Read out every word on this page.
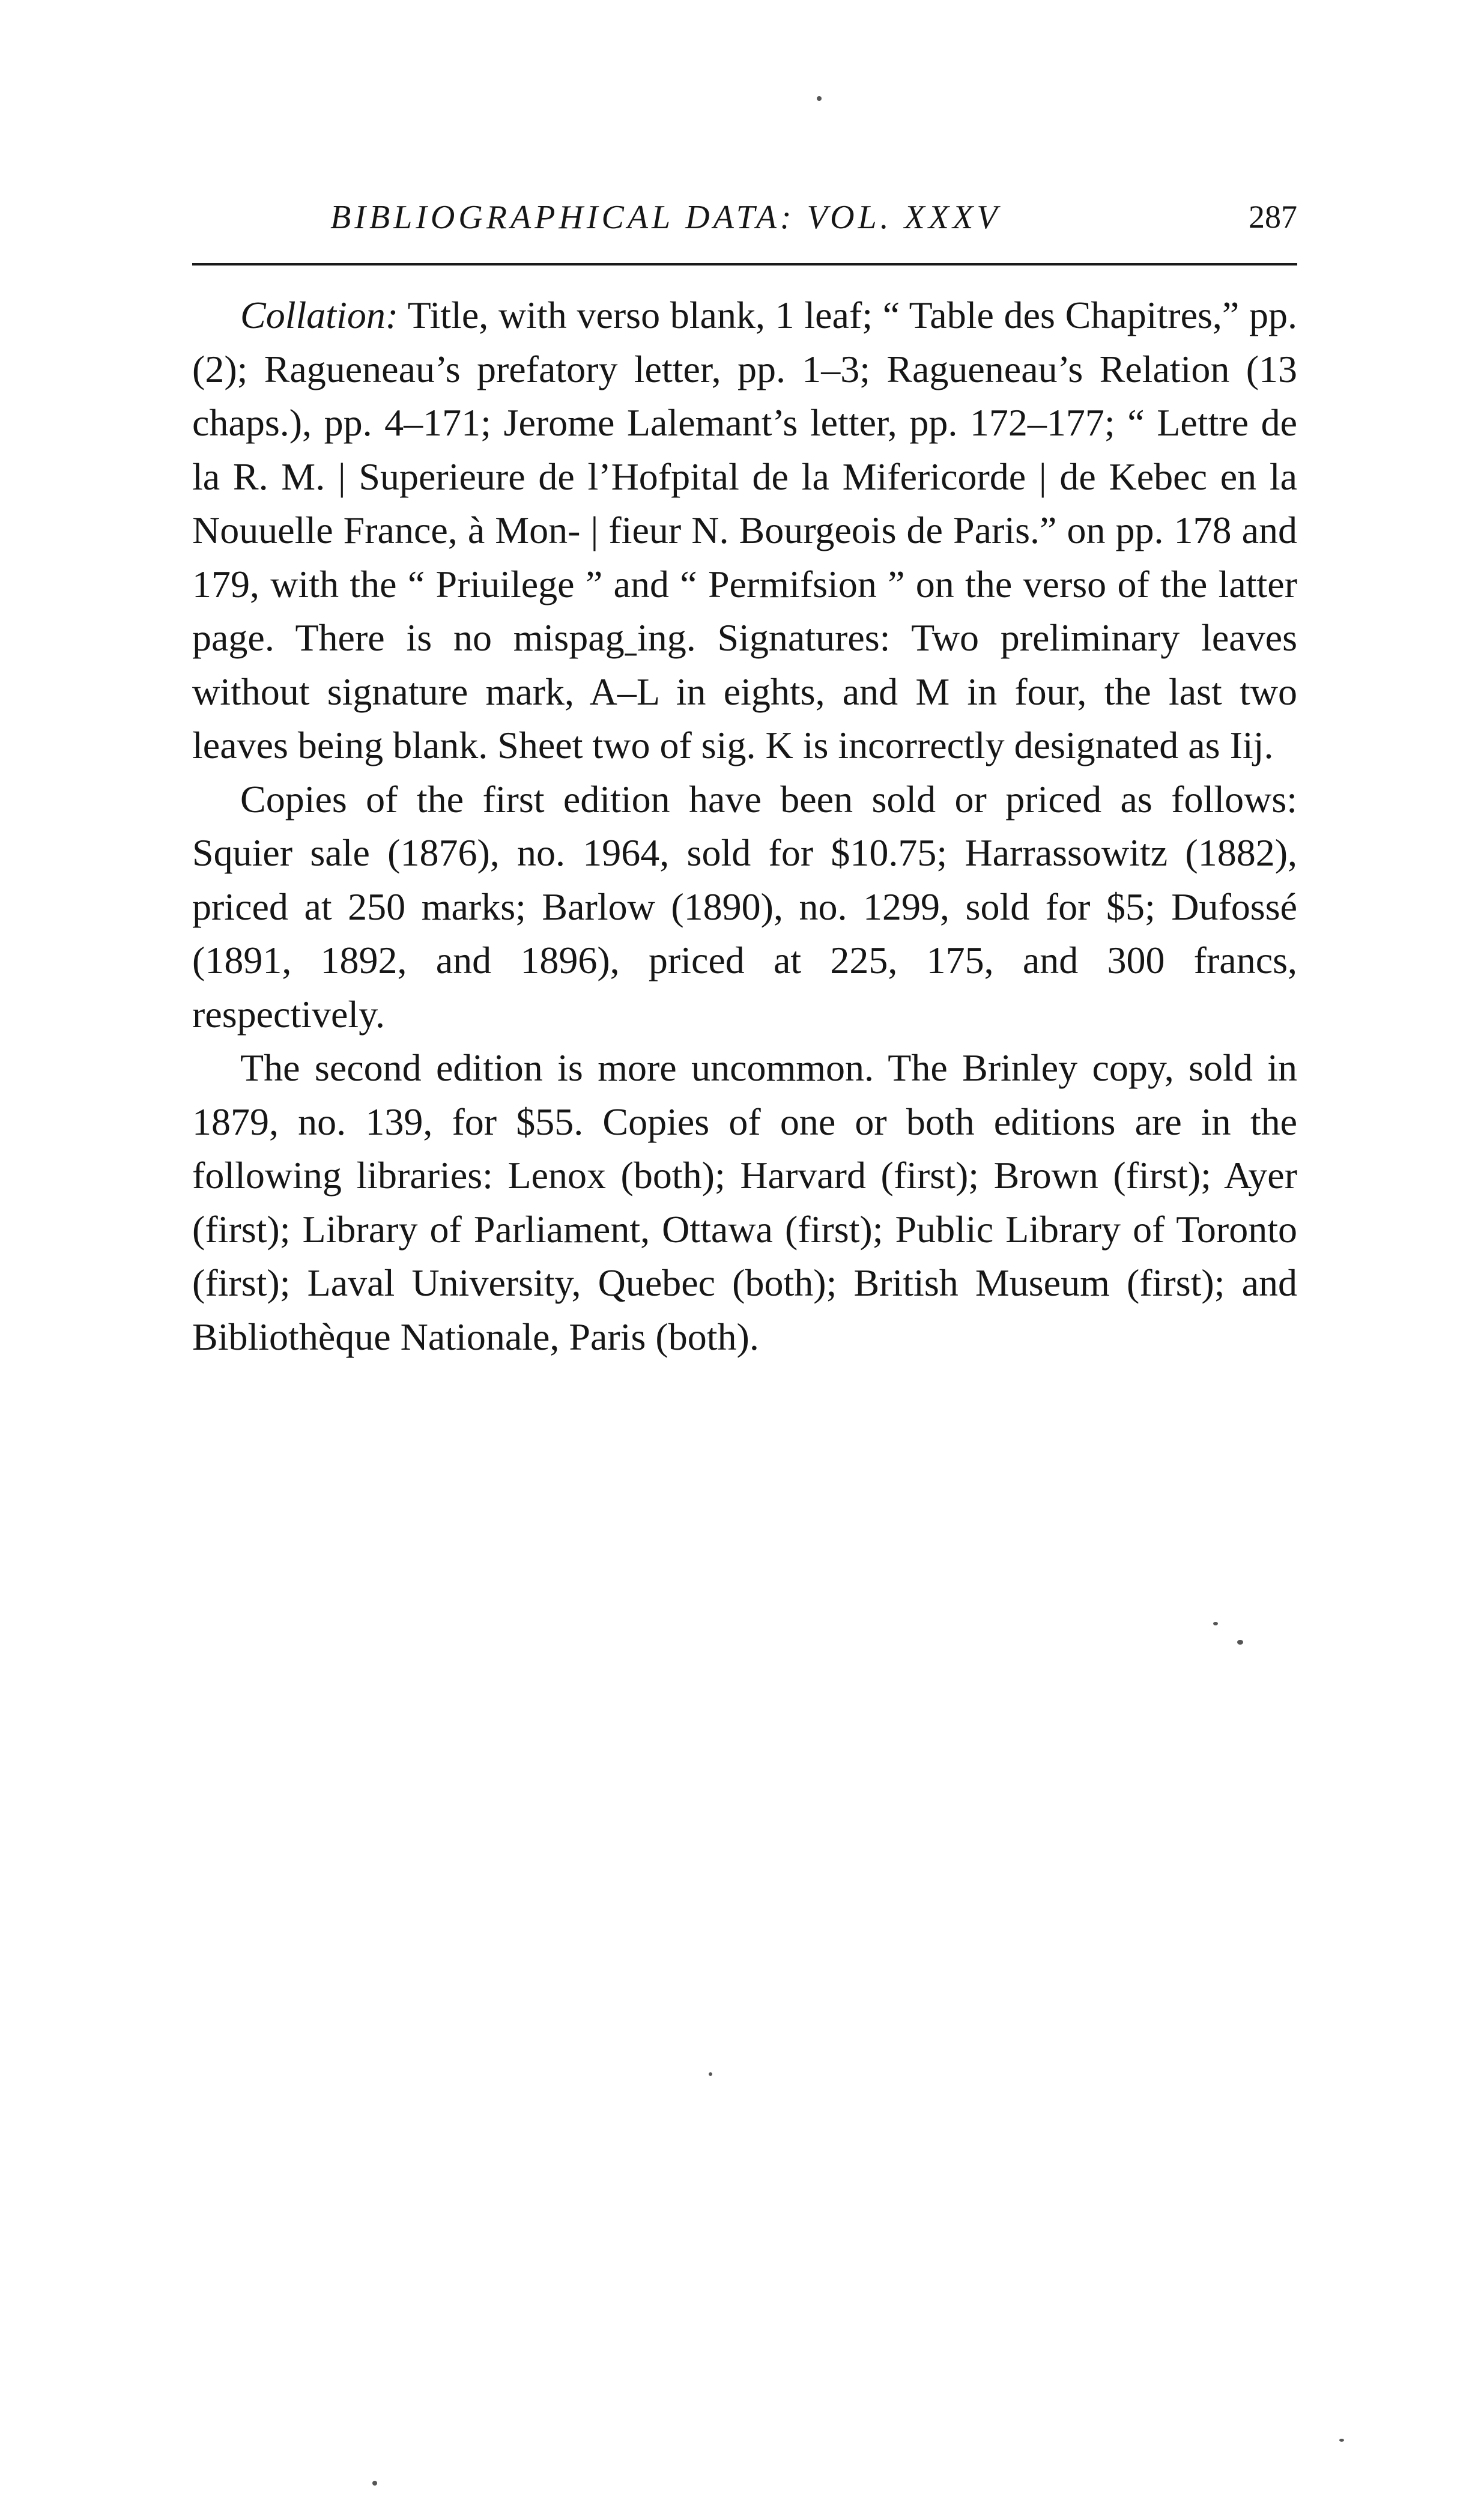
BIBLIOGRAPHICAL DATA: VOL. XXXV	287

Collation: Title, with verso blank, 1 leaf; “ Table des Chapitres,” pp. (2); Ragueneau’s prefatory letter, pp. 1–3; Ragueneau’s Relation (13 chaps.), pp. 4–171; Jerome Lalemant’s letter, pp. 172–177; “ Lettre de la R. M. | Superieure de l’Hofpital de la Mifericorde | de Kebec en la Nouuelle France, à Mon- | fieur N. Bourgeois de Paris.” on pp. 178 and 179, with the “ Priuilege ” and “ Permifsion ” on the verso of the latter page. There is no mispagˍing. Signatures: Two preliminary leaves without signature mark, A–L in eights, and M in four, the last two leaves being blank. Sheet two of sig. K is incorrectly designated as Iij.

Copies of the first edition have been sold or priced as follows: Squier sale (1876), no. 1964, sold for $10.75; Harrassowitz (1882), priced at 250 marks; Barlow (1890), no. 1299, sold for $5; Dufossé (1891, 1892, and 1896), priced at 225, 175, and 300 francs, respectively.

The second edition is more uncommon. The Brinley copy, sold in 1879, no. 139, for $55. Copies of one or both editions are in the following libraries: Lenox (both); Harvard (first); Brown (first); Ayer (first); Library of Parliament, Ottawa (first); Public Library of Toronto (first); Laval University, Quebec (both); British Museum (first); and Bibliothèque Nationale, Paris (both).
